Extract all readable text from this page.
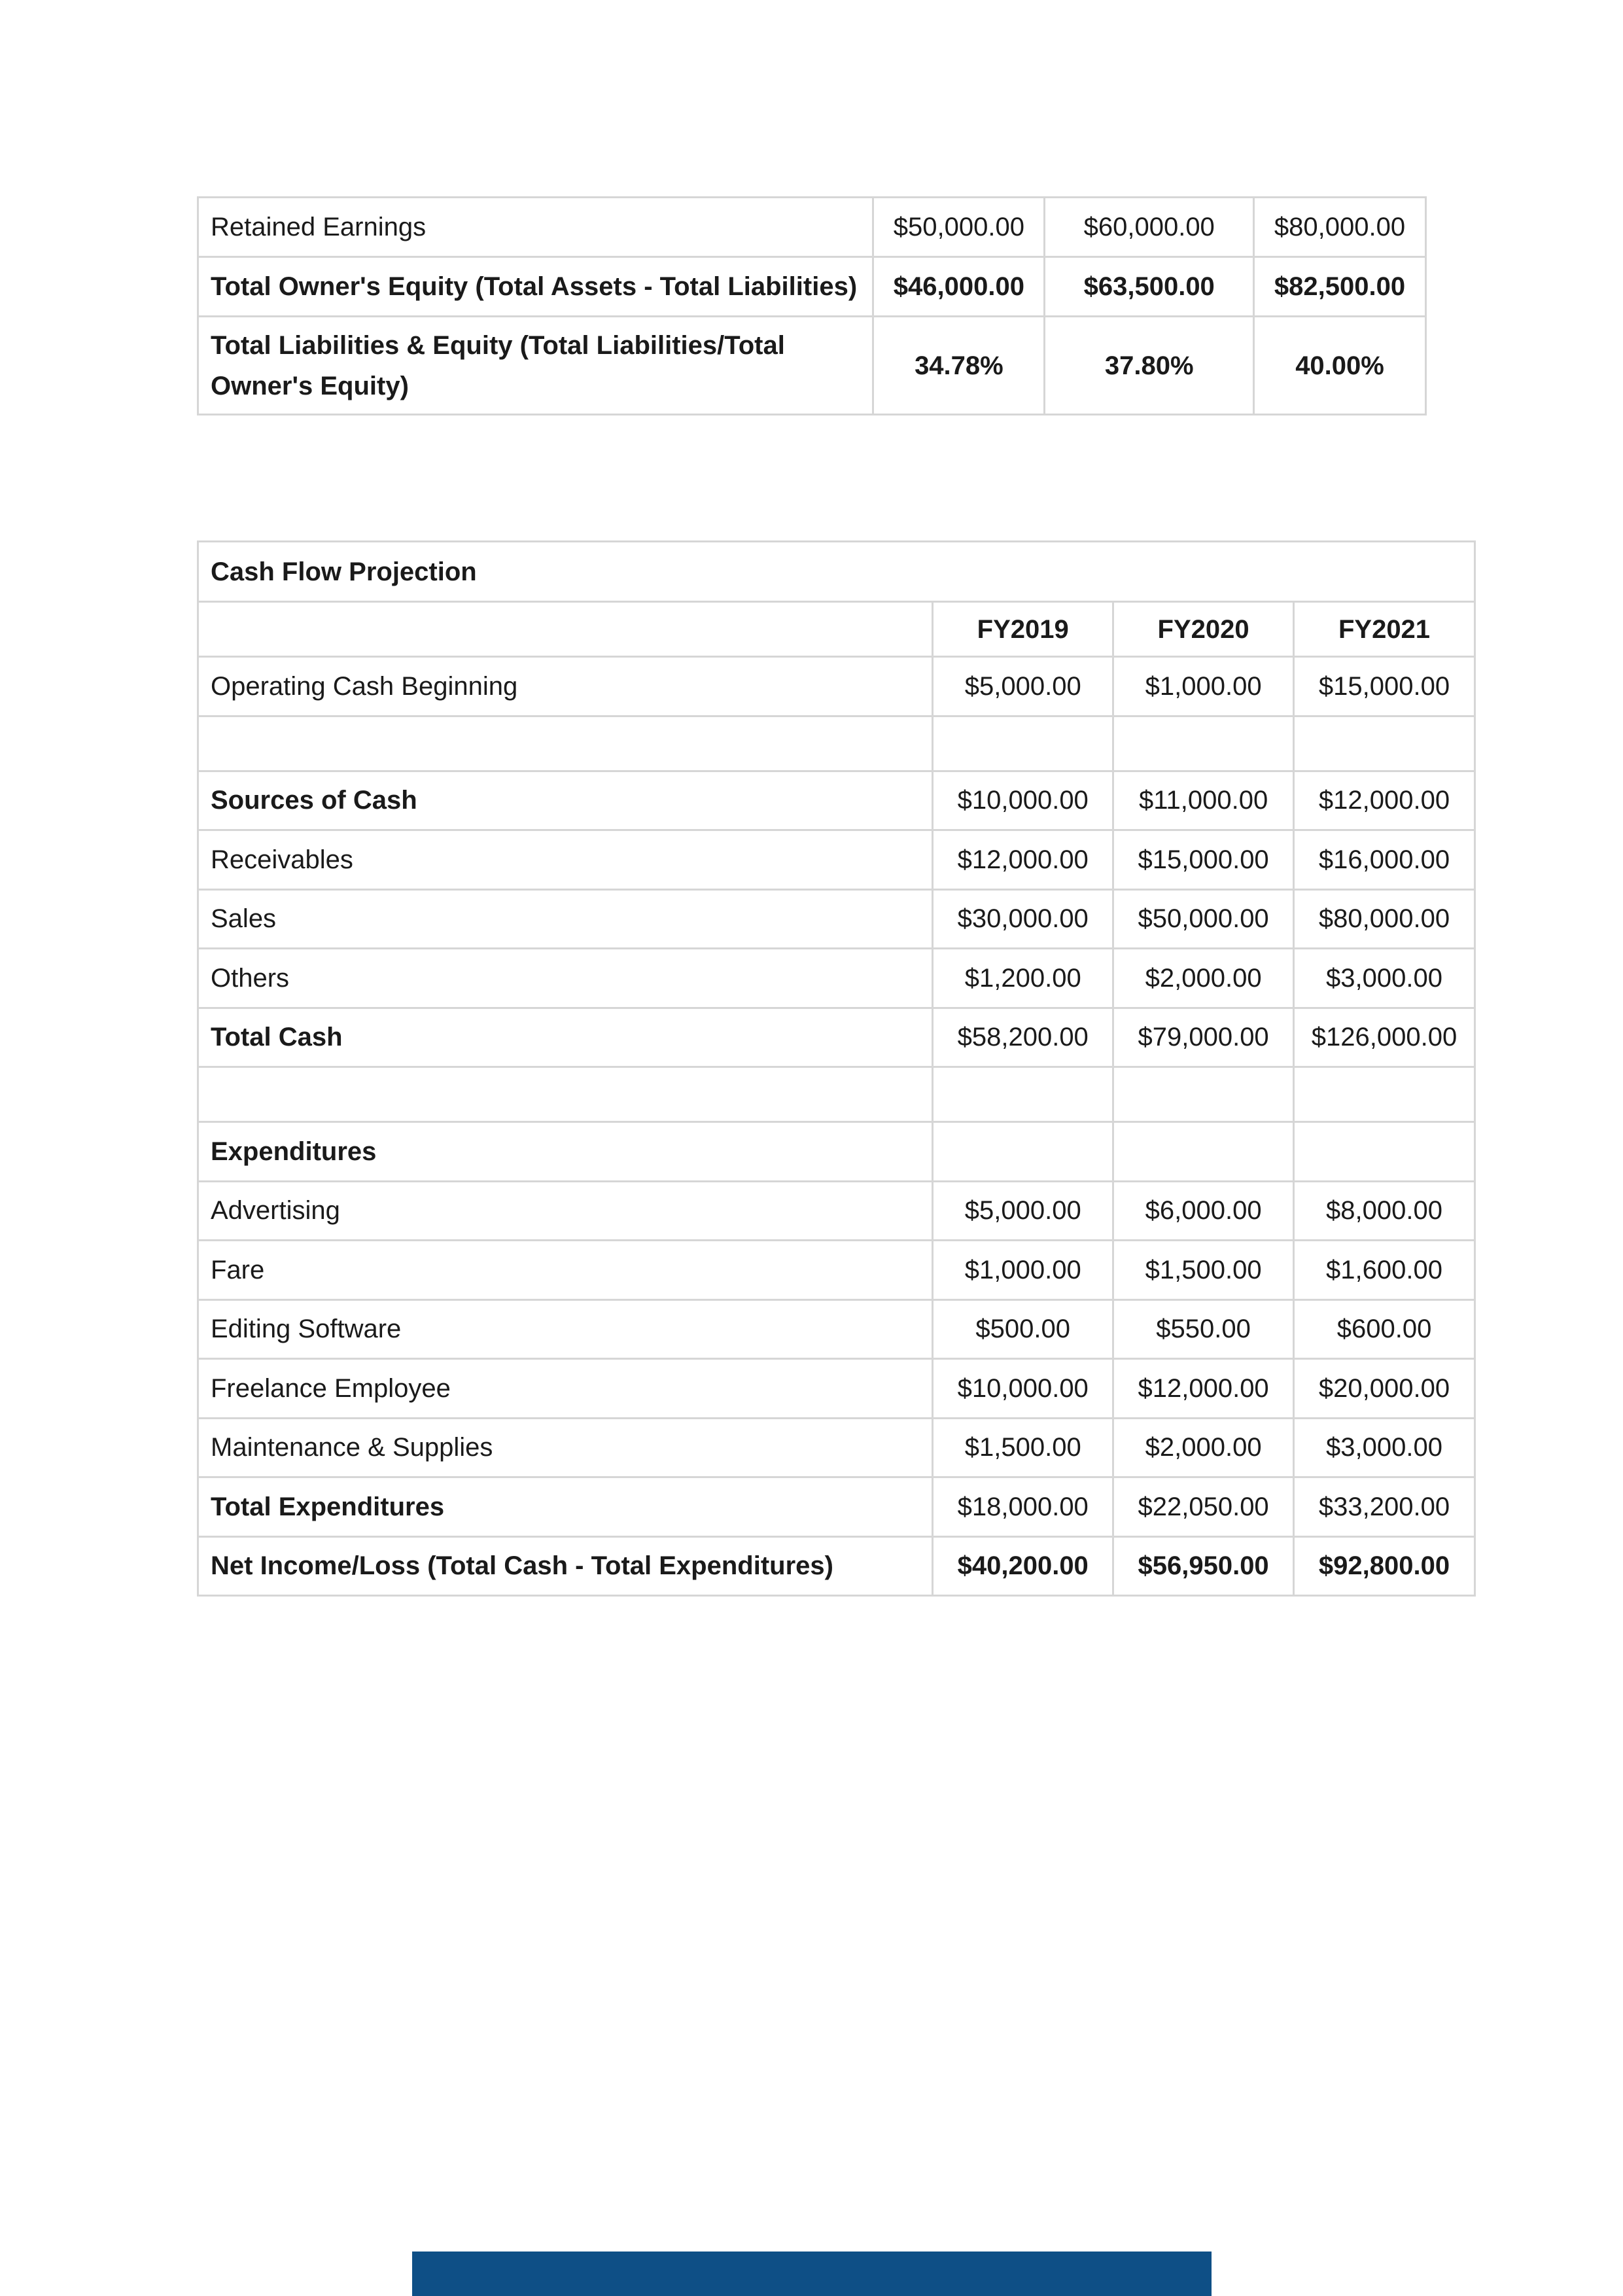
Retained Earnings	$50,000.00	$60,000.00	$80,000.00
Total Owner's Equity (Total Assets - Total Liabilities)	$46,000.00	$63,500.00	$82,500.00
Total Liabilities & Equity (Total Liabilities/Total Owner's Equity)	34.78%	37.80%	40.00%
Cash Flow Projection			
	FY2019	FY2020	FY2021
Operating Cash Beginning	$5,000.00	$1,000.00	$15,000.00

Sources of Cash	$10,000.00	$11,000.00	$12,000.00
Receivables	$12,000.00	$15,000.00	$16,000.00
Sales	$30,000.00	$50,000.00	$80,000.00
Others	$1,200.00	$2,000.00	$3,000.00
Total Cash	$58,200.00	$79,000.00	$126,000.00

Expenditures			
Advertising	$5,000.00	$6,000.00	$8,000.00
Fare	$1,000.00	$1,500.00	$1,600.00
Editing Software	$500.00	$550.00	$600.00
Freelance Employee	$10,000.00	$12,000.00	$20,000.00
Maintenance & Supplies	$1,500.00	$2,000.00	$3,000.00
Total Expenditures	$18,000.00	$22,050.00	$33,200.00
Net Income/Loss (Total Cash - Total Expenditures)	$40,200.00	$56,950.00	$92,800.00
